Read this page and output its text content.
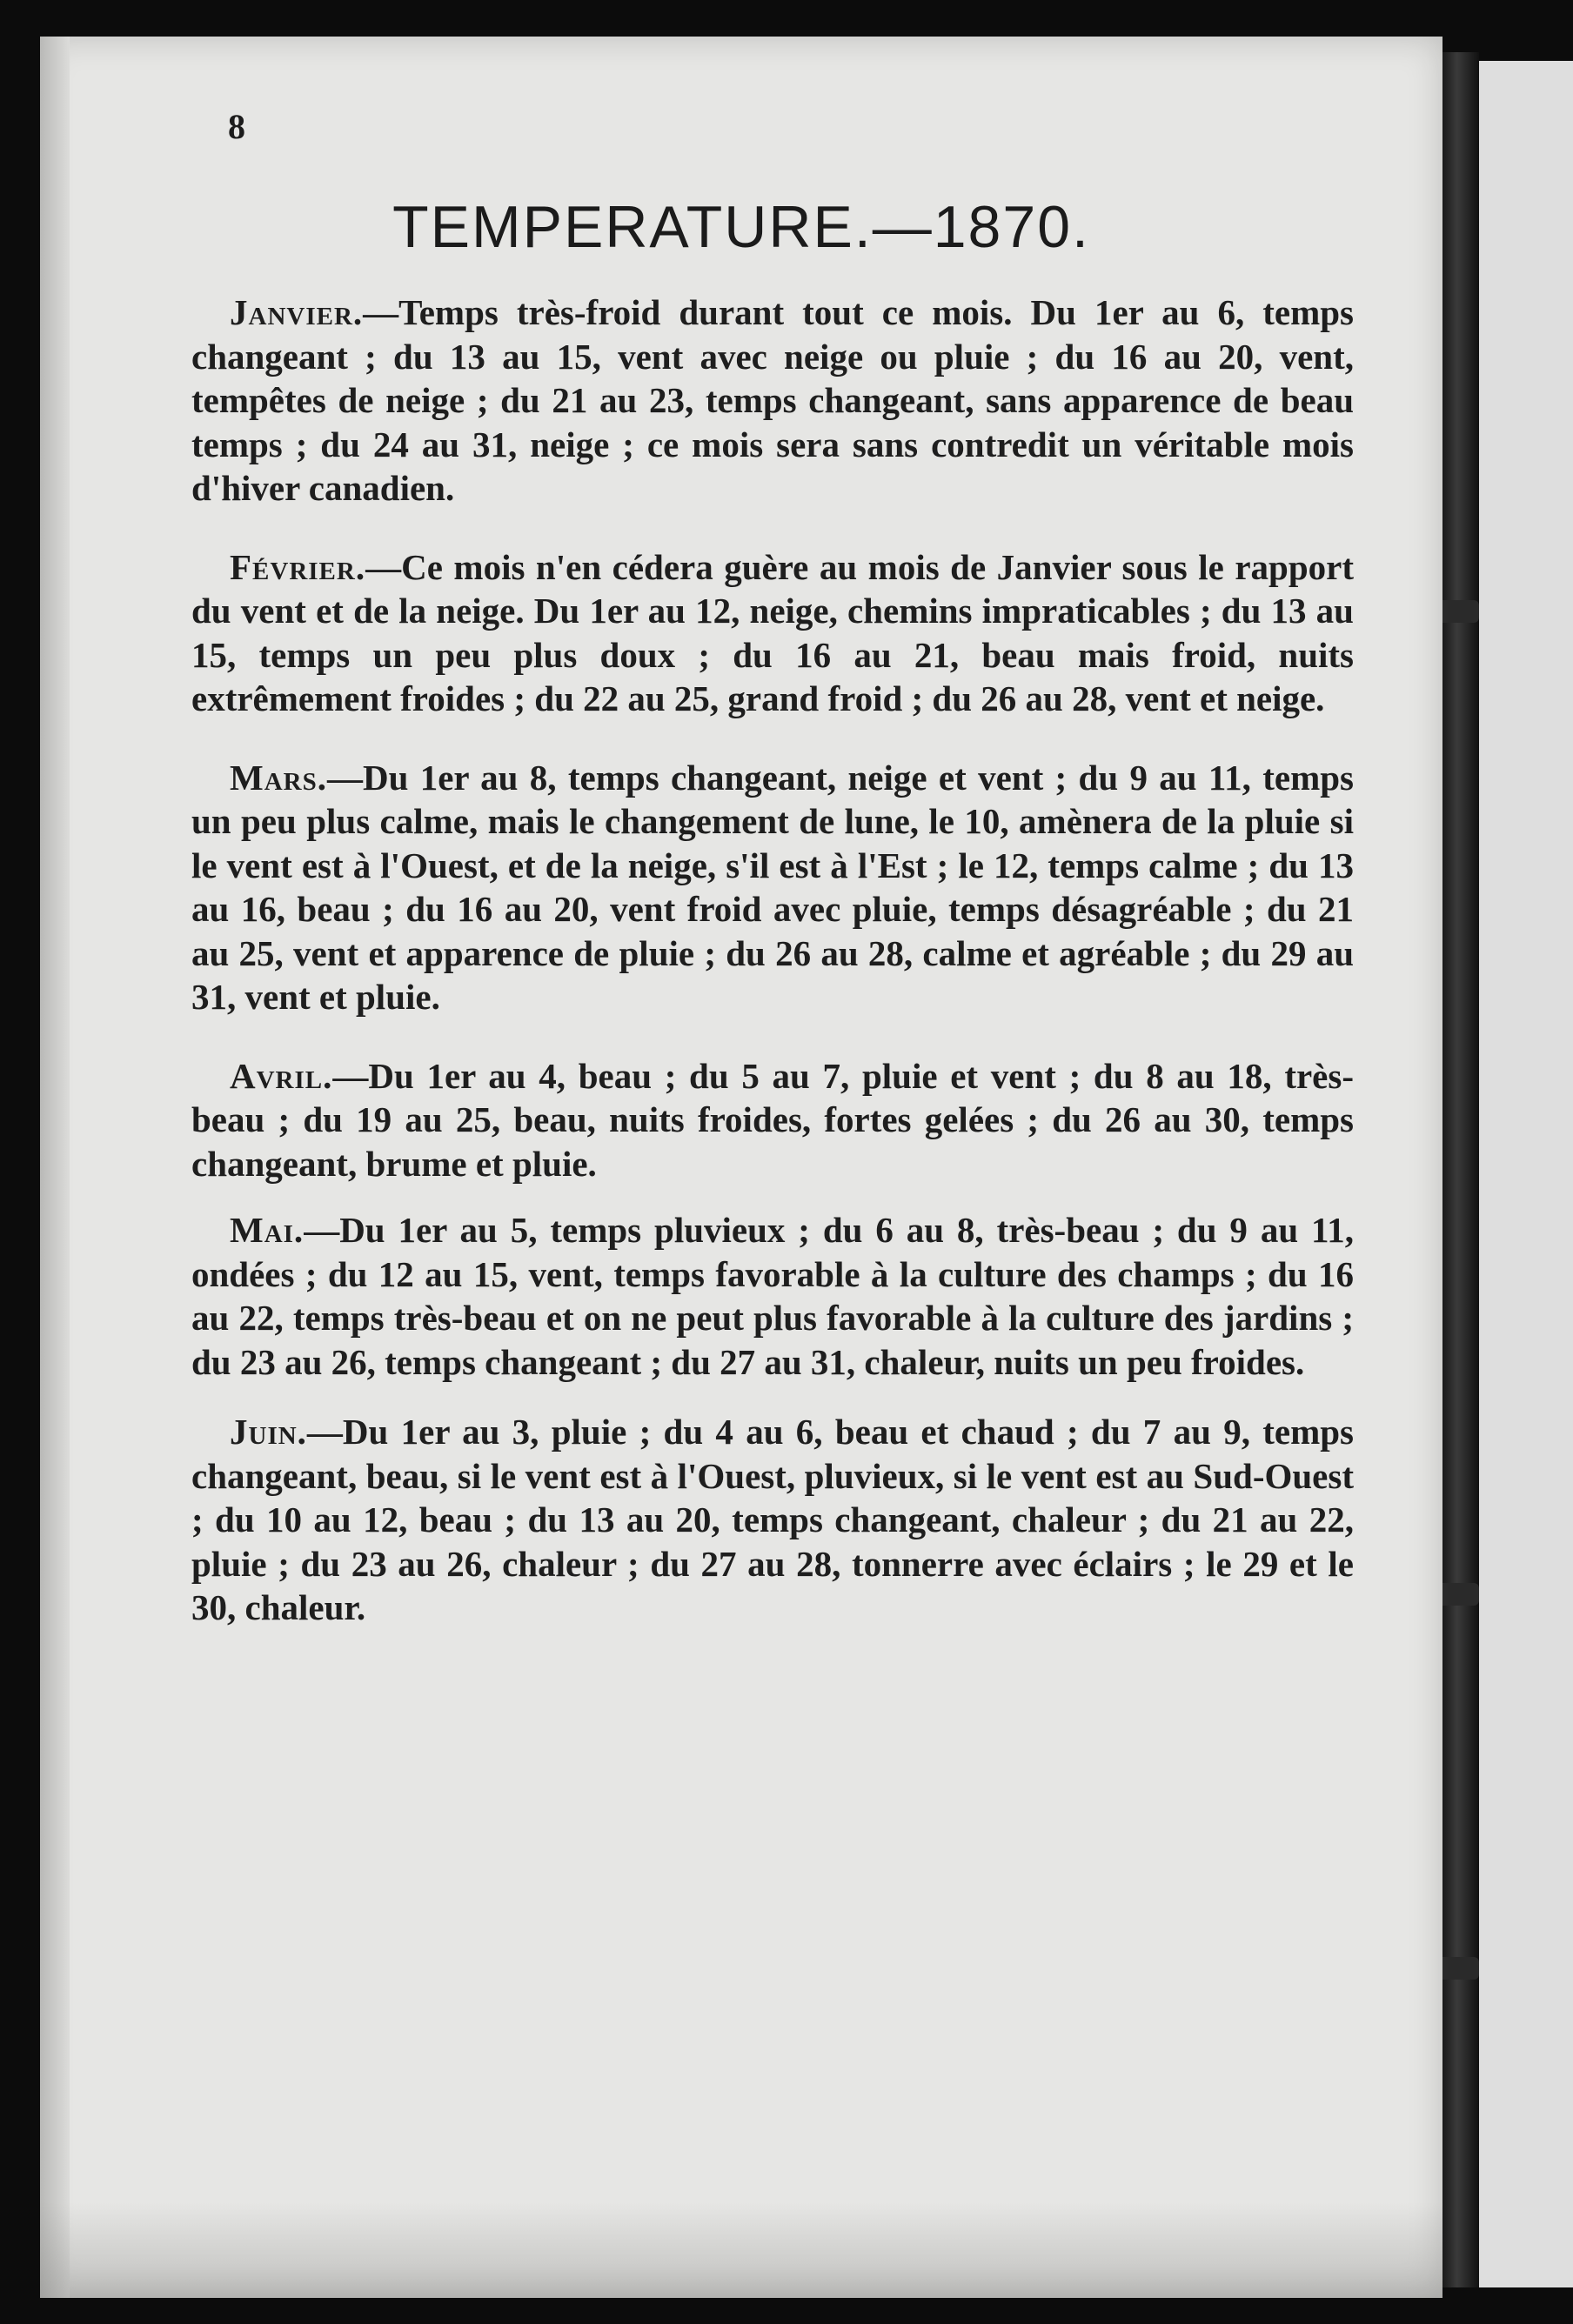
8
TEMPERATURE.—1870.

Janvier.—Temps très-froid durant tout ce mois. Du 1er au 6, temps changeant ; du 13 au 15, vent avec neige ou pluie ; du 16 au 20, vent, tempêtes de neige ; du 21 au 23, temps changeant, sans apparence de beau temps ; du 24 au 31, neige ; ce mois sera sans contredit un véritable mois d'hiver canadien.

Février.—Ce mois n'en cédera guère au mois de Janvier sous le rapport du vent et de la neige. Du 1er au 12, neige, chemins impraticables ; du 13 au 15, temps un peu plus doux ; du 16 au 21, beau mais froid, nuits extrêmement froides ; du 22 au 25, grand froid ; du 26 au 28, vent et neige.

Mars.—Du 1er au 8, temps changeant, neige et vent ; du 9 au 11, temps un peu plus calme, mais le changement de lune, le 10, amènera de la pluie si le vent est à l'Ouest, et de la neige, s'il est à l'Est ; le 12, temps calme ; du 13 au 16, beau ; du 16 au 20, vent froid avec pluie, temps désagréable ; du 21 au 25, vent et apparence de pluie ; du 26 au 28, calme et agréable ; du 29 au 31, vent et pluie.

Avril.—Du 1er au 4, beau ; du 5 au 7, pluie et vent ; du 8 au 18, très-beau ; du 19 au 25, beau, nuits froides, fortes gelées ; du 26 au 30, temps changeant, brume et pluie.

Mai.—Du 1er au 5, temps pluvieux ; du 6 au 8, très-beau ; du 9 au 11, ondées ; du 12 au 15, vent, temps favorable à la culture des champs ; du 16 au 22, temps très-beau et on ne peut plus favorable à la culture des jardins ; du 23 au 26, temps changeant ; du 27 au 31, chaleur, nuits un peu froides.

Juin.—Du 1er au 3, pluie ; du 4 au 6, beau et chaud ; du 7 au 9, temps changeant, beau, si le vent est à l'Ouest, pluvieux, si le vent est au Sud-Ouest ; du 10 au 12, beau ; du 13 au 20, temps changeant, chaleur ; du 21 au 22, pluie ; du 23 au 26, chaleur ; du 27 au 28, tonnerre avec éclairs ; le 29 et le 30, chaleur.
